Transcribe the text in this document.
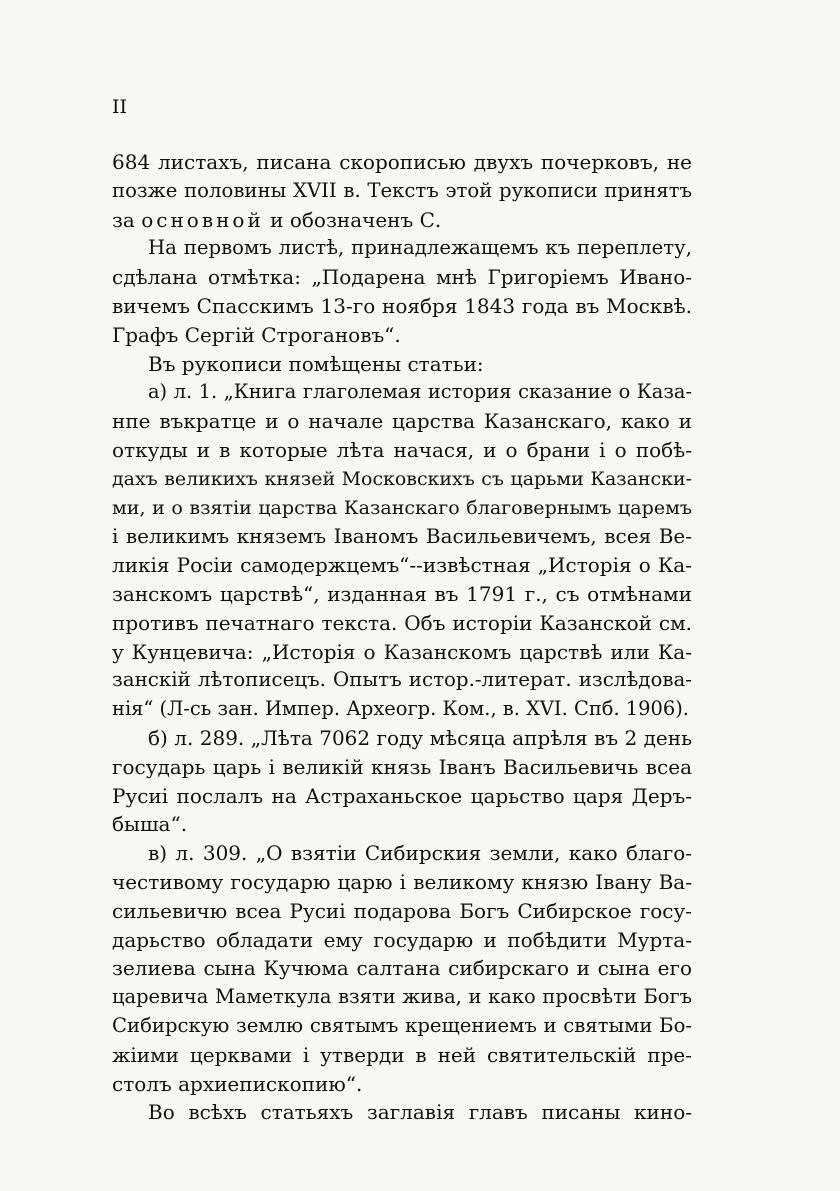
II
684 листахъ, писана скорописью двухъ почерковъ, не
позже половины XVII в. Текстъ этой рукописи принятъ
за основной и обозначенъ С.
На первомъ листѣ, принадлежащемъ къ переплету,
сдѣлана отмѣтка: „Подарена мнѣ Григоріемъ Ивано-
вичемъ Спасскимъ 13-го ноября 1843 года въ Москвѣ.
Графъ Сергій Строгановъ“.
Въ рукописи помѣщены статьи:
а) л. 1. „Книга глаголемая история сказание о Каза-
нпе въкратце и о начале царства Казанскаго, како и
откуды и в которые лѣта начася, и о брани і о побѣ-
дахъ великихъ князей Московскихъ съ царьми Казански-
ми, и о взятіи царства Казанскаго благовернымъ царемъ
і великимъ княземъ Іваномъ Васильевичемъ, всея Ве-
ликія Росіи самодержцемъ“--извѣстная „Исторія о Ка-
занскомъ царствѣ“, изданная въ 1791 г., съ отмѣнами
противъ печатнаго текста. Объ исторіи Казанской см.
у Кунцевича: „Исторія о Казанскомъ царствѣ или Ка-
занскій лѣтописецъ. Опытъ истор.-литерат. изслѣдова-
нія“ (Л-сь зан. Импер. Археогр. Ком., в. XVI. Спб. 1906).
б) л. 289. „Лѣта 7062 году мѣсяца апрѣля въ 2 день
государь царь і великій князь Іванъ Васильевичь всеа
Русиі послалъ на Астраханьское царьство царя Деръ-
быша“.
в) л. 309. „О взятіи Сибирския земли, како благо-
честивому государю царю і великому князю Івану Ва-
сильевичю всеа Русиі подарова Богъ Сибирское госу-
дарьство обладати ему государю и побѣдити Мурта-
зелиева сына Кучюма салтана сибирскаго и сына его
царевича Маметкула взяти жива, и како просвѣти Богъ
Сибирскую землю святымъ крещениемъ и святыми Бо-
жіими церквами і утверди в ней святительскій пре-
столъ архиепископию“.
Во всѣхъ статьяхъ заглавія главъ писаны кино-
